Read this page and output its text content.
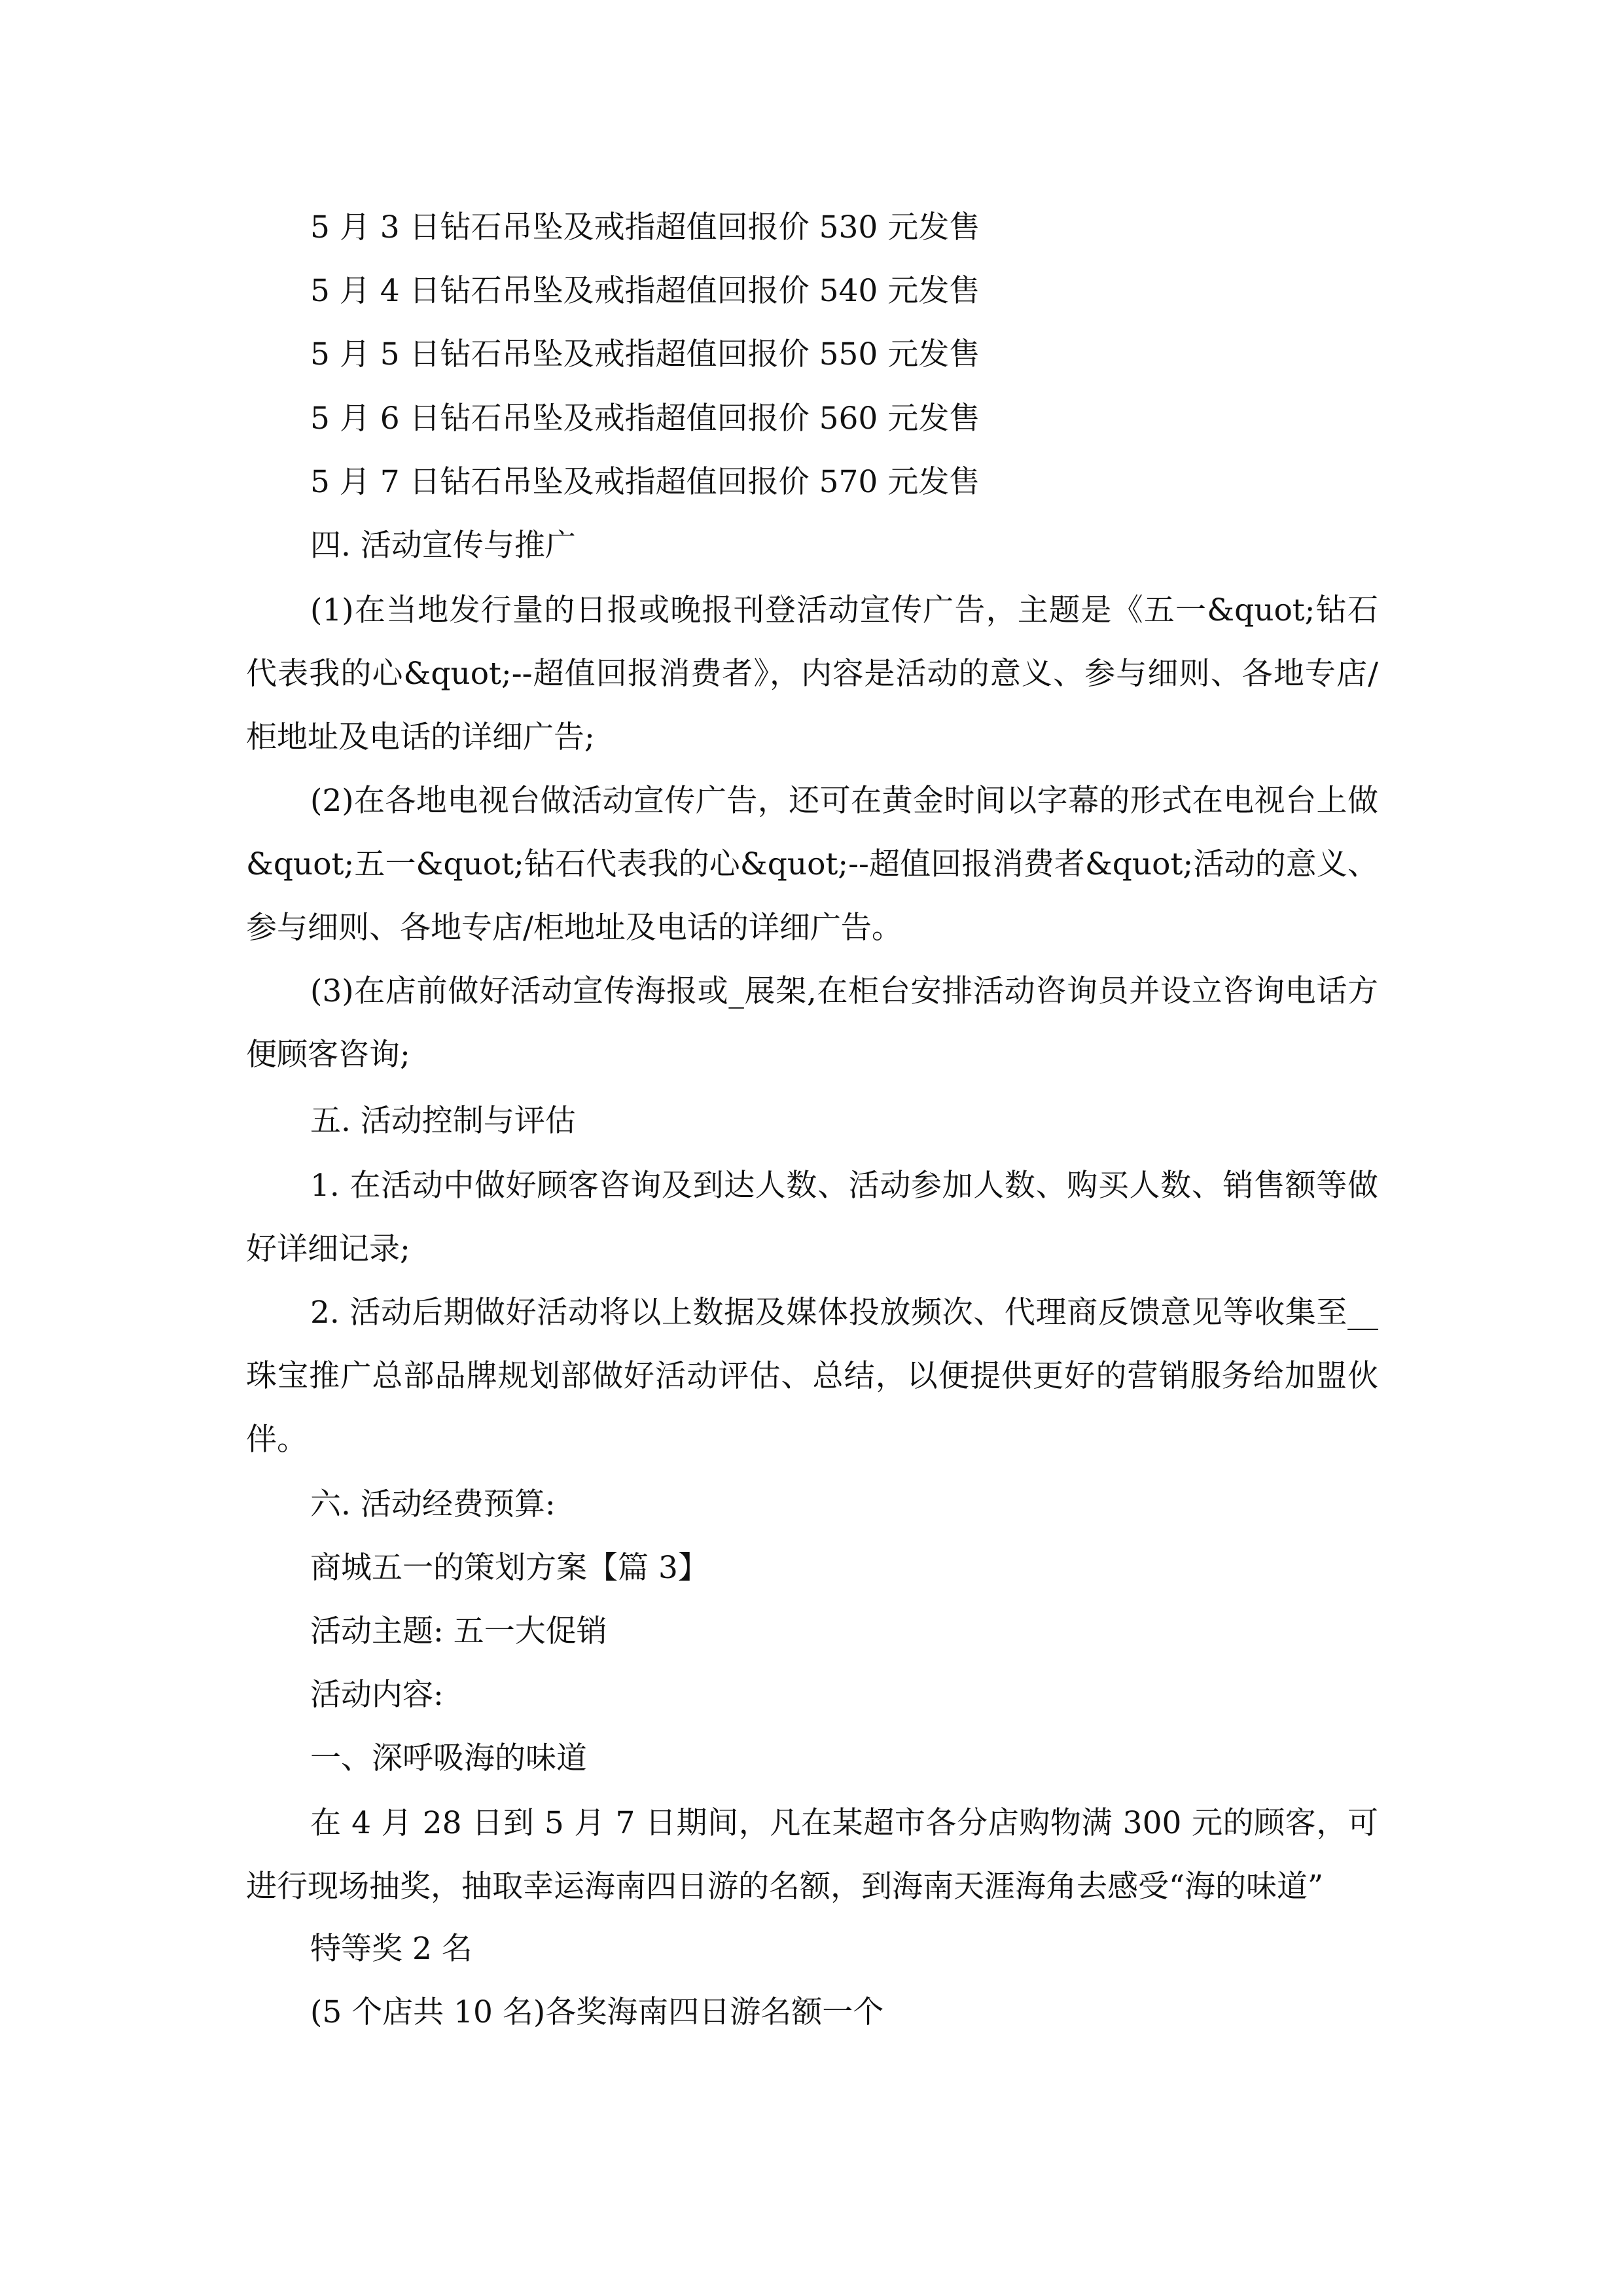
5 月 3 日钻石吊坠及戒指超值回报价 530 元发售

5 月 4 日钻石吊坠及戒指超值回报价 540 元发售

5 月 5 日钻石吊坠及戒指超值回报价 550 元发售

5 月 6 日钻石吊坠及戒指超值回报价 560 元发售

5 月 7 日钻石吊坠及戒指超值回报价 570 元发售

四. 活动宣传与推广

(1)在当地发行量的日报或晚报刊登活动宣传广告，主题是《五一&quot;钻石代表我的心&quot;--超值回报消费者》，内容是活动的意义、参与细则、各地专店/柜地址及电话的详细广告;

(2)在各地电视台做活动宣传广告，还可在黄金时间以字幕的形式在电视台上做&quot;五一&quot;钻石代表我的心&quot;--超值回报消费者&quot;活动的意义、参与细则、各地专店/柜地址及电话的详细广告。

(3)在店前做好活动宣传海报或_展架,在柜台安排活动咨询员并设立咨询电话方便顾客咨询;

五. 活动控制与评估

1. 在活动中做好顾客咨询及到达人数、活动参加人数、购买人数、销售额等做好详细记录;

2. 活动后期做好活动将以上数据及媒体投放频次、代理商反馈意见等收集至__珠宝推广总部品牌规划部做好活动评估、总结，以便提供更好的营销服务给加盟伙伴。

六. 活动经费预算:

商城五一的策划方案【篇 3】

活动主题: 五一大促销

活动内容:

一、深呼吸海的味道

在 4 月 28 日到 5 月 7 日期间，凡在某超市各分店购物满 300 元的顾客，可进行现场抽奖，抽取幸运海南四日游的名额，到海南天涯海角去感受“海的味道”

特等奖 2 名

(5 个店共 10 名)各奖海南四日游名额一个
